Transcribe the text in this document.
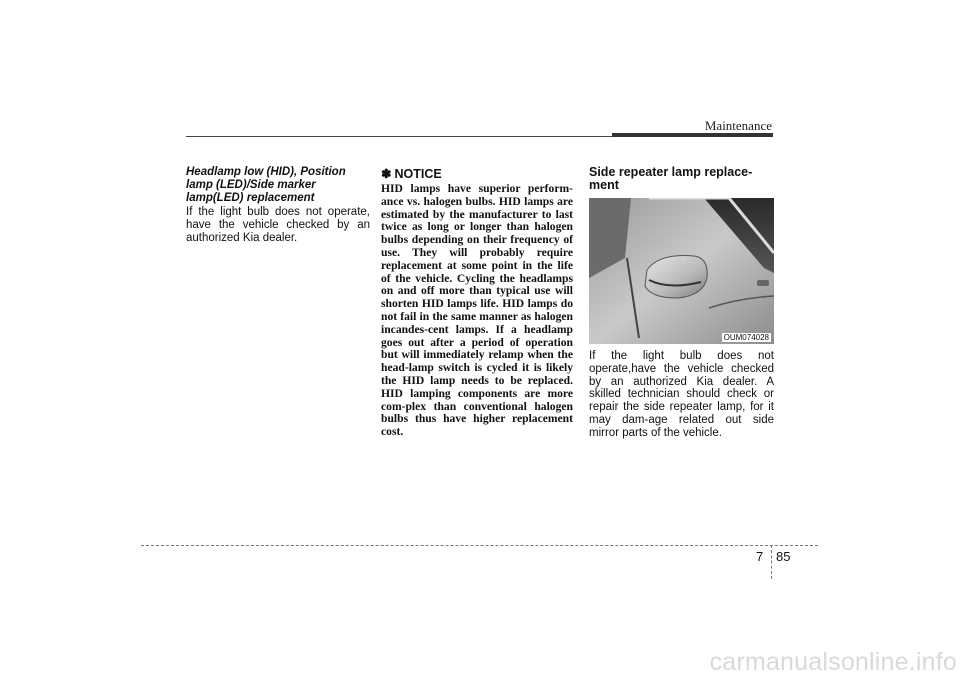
Maintenance

Headlamp low (HID), Position lamp (LED)/Side marker lamp(LED) replacement

If the light bulb does not operate, have the vehicle checked by an authorized Kia dealer.

✽ NOTICE

HID lamps have superior perform-ance vs. halogen bulbs. HID lamps are estimated by the manufacturer to last twice as long or longer than halogen bulbs depending on their frequency of use. They will probably require replacement at some point in the life of the vehicle. Cycling the headlamps on and off more than typical use will shorten HID lamps life. HID lamps do not fail in the same manner as halogen incandes-cent lamps. If a headlamp goes out after a period of operation but will immediately relamp when the head-lamp switch is cycled it is likely the HID lamp needs to be replaced. HID lamping components are more com-plex than conventional halogen bulbs thus have higher replacement cost.

Side repeater lamp replace-ment

OUM074028

If the light bulb does not operate,have the vehicle checked by an authorized Kia dealer. A skilled technician should check or repair the side repeater lamp, for it may dam-age related out side mirror parts of the vehicle.

7 85
carmanualsonline.info
